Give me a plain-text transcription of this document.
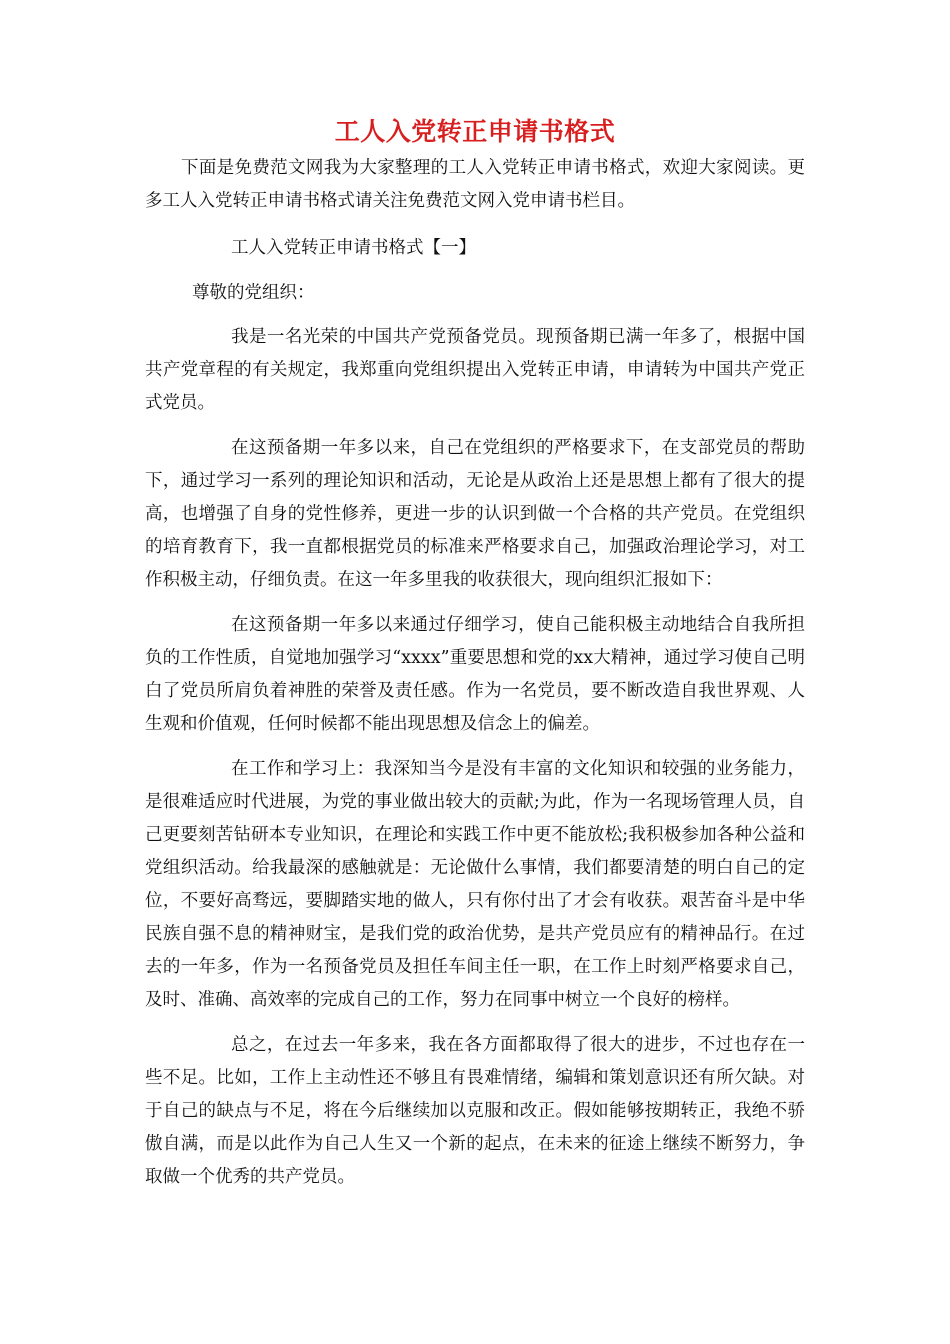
工人入党转正申请书格式

下面是免费范文网我为大家整理的工人入党转正申请书格式，欢迎大家阅读。更多工人入党转正申请书格式请关注免费范文网入党申请书栏目。

工人入党转正申请书格式【一】

尊敬的党组织：

我是一名光荣的中国共产党预备党员。现预备期已满一年多了，根据中国共产党章程的有关规定，我郑重向党组织提出入党转正申请，申请转为中国共产党正式党员。

在这预备期一年多以来，自己在党组织的严格要求下，在支部党员的帮助下，通过学习一系列的理论知识和活动，无论是从政治上还是思想上都有了很大的提高，也增强了自身的党性修养，更进一步的认识到做一个合格的共产党员。在党组织的培育教育下，我一直都根据党员的标准来严格要求自己，加强政治理论学习，对工作积极主动，仔细负责。在这一年多里我的收获很大，现向组织汇报如下：

在这预备期一年多以来通过仔细学习，使自己能积极主动地结合自我所担负的工作性质，自觉地加强学习“xxxx”重要思想和党的xx大精神，通过学习使自己明白了党员所肩负着神胜的荣誉及责任感。作为一名党员，要不断改造自我世界观、人生观和价值观，任何时候都不能出现思想及信念上的偏差。

在工作和学习上：我深知当今是没有丰富的文化知识和较强的业务能力，是很难适应时代进展，为党的事业做出较大的贡献;为此，作为一名现场管理人员，自己更要刻苦钻研本专业知识，在理论和实践工作中更不能放松;我积极参加各种公益和党组织活动。给我最深的感触就是：无论做什么事情，我们都要清楚的明白自己的定位，不要好高骛远，要脚踏实地的做人，只有你付出了才会有收获。艰苦奋斗是中华民族自强不息的精神财宝，是我们党的政治优势，是共产党员应有的精神品行。在过去的一年多，作为一名预备党员及担任车间主任一职，在工作上时刻严格要求自己，及时、准确、高效率的完成自己的工作，努力在同事中树立一个良好的榜样。

总之，在过去一年多来，我在各方面都取得了很大的进步，不过也存在一些不足。比如，工作上主动性还不够且有畏难情绪，编辑和策划意识还有所欠缺。对于自己的缺点与不足，将在今后继续加以克服和改正。假如能够按期转正，我绝不骄傲自满，而是以此作为自己人生又一个新的起点，在未来的征途上继续不断努力，争取做一个优秀的共产党员。
